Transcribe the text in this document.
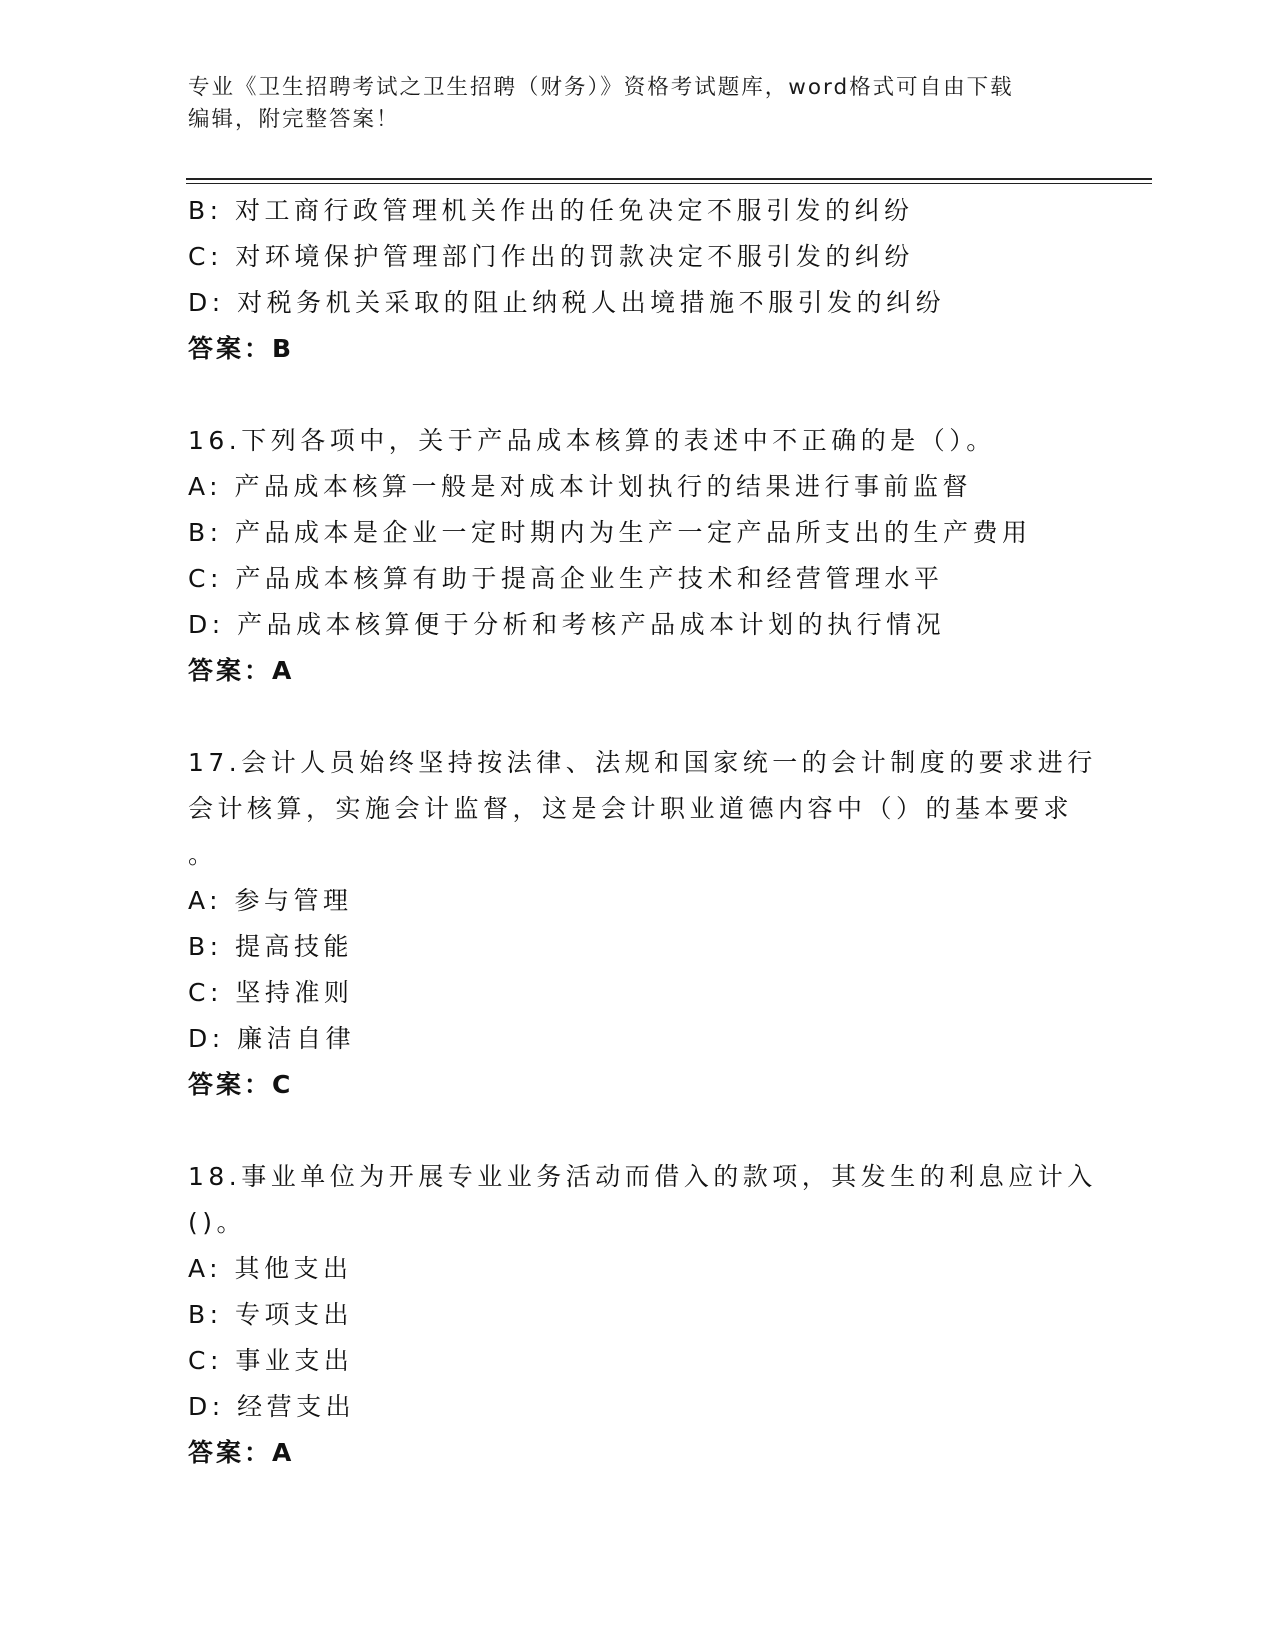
专业《卫生招聘考试之卫生招聘（财务）》资格考试题库，word格式可自由下载
编辑，附完整答案！
B: 对工商行政管理机关作出的任免决定不服引发的纠纷
C: 对环境保护管理部门作出的罚款决定不服引发的纠纷
D: 对税务机关采取的阻止纳税人出境措施不服引发的纠纷
答案：B
16.下列各项中，关于产品成本核算的表述中不正确的是（）。
A: 产品成本核算一般是对成本计划执行的结果进行事前监督
B: 产品成本是企业一定时期内为生产一定产品所支出的生产费用
C: 产品成本核算有助于提高企业生产技术和经营管理水平
D: 产品成本核算便于分析和考核产品成本计划的执行情况
答案：A
17.会计人员始终坚持按法律、法规和国家统一的会计制度的要求进行
会计核算，实施会计监督，这是会计职业道德内容中（）的基本要求
。
A: 参与管理
B: 提高技能
C: 坚持准则
D: 廉洁自律
答案：C
18.事业单位为开展专业业务活动而借入的款项，其发生的利息应计入
()。
A: 其他支出
B: 专项支出
C: 事业支出
D: 经营支出
答案：A
